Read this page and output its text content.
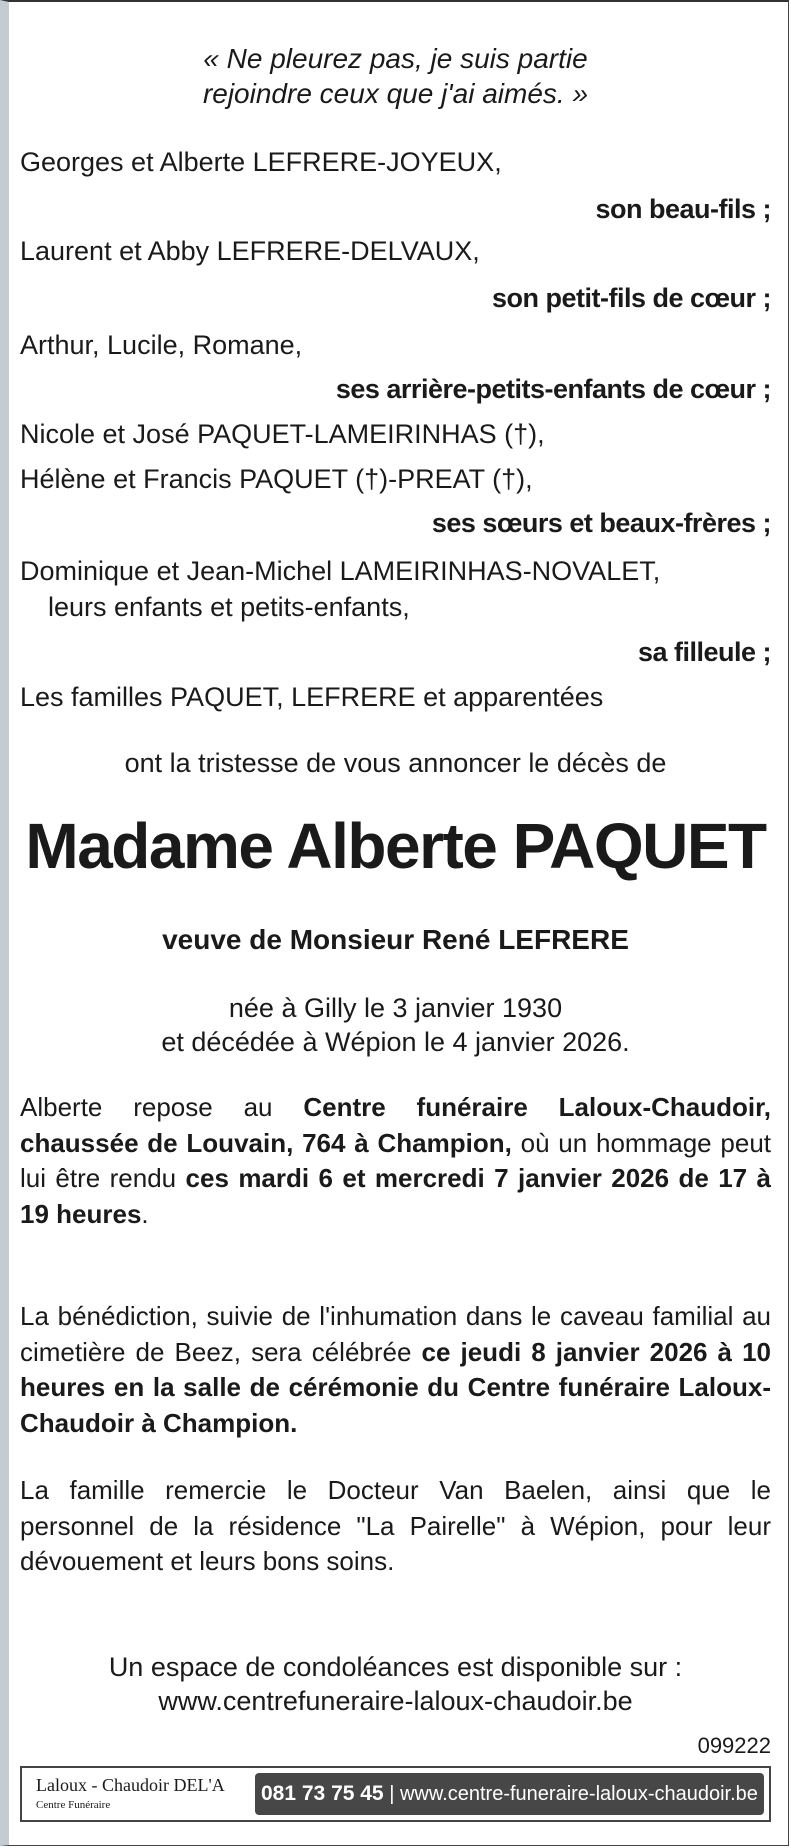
« Ne pleurez pas, je suis partie
rejoindre ceux que j'ai aimés. »
Georges et Alberte LEFRERE-JOYEUX,
son beau-fils ;
Laurent et Abby LEFRERE-DELVAUX,
son petit-fils de cœur ;
Arthur, Lucile, Romane,
ses arrière-petits-enfants de cœur ;
Nicole et José PAQUET-LAMEIRINHAS (†),
Hélène et Francis PAQUET (†)-PREAT (†),
ses sœurs et beaux-frères ;
Dominique et Jean-Michel LAMEIRINHAS-NOVALET,
leurs enfants et petits-enfants,
sa filleule ;
Les familles PAQUET, LEFRERE et apparentées
ont la tristesse de vous annoncer le décès de
Madame Alberte PAQUET
veuve de Monsieur René LEFRERE
née à Gilly le 3 janvier 1930
et décédée à Wépion le 4 janvier 2026.
Alberte repose au Centre funéraire Laloux-Chaudoir, chaussée de Louvain, 764 à Champion, où un hommage peut lui être rendu ces mardi 6 et mercredi 7 janvier 2026 de 17 à 19 heures.
La bénédiction, suivie de l'inhumation dans le caveau familial au cimetière de Beez, sera célébrée ce jeudi 8 janvier 2026 à 10 heures en la salle de cérémonie du Centre funéraire Laloux-Chaudoir à Champion.
La famille remercie le Docteur Van Baelen, ainsi que le personnel de la résidence "La Pairelle" à Wépion, pour leur dévouement et leurs bons soins.
Un espace de condoléances est disponible sur :
www.centrefuneraire-laloux-chaudoir.be
099222
Laloux - Chaudoir DEL'A
Centre Funéraire	081 73 75 45 | www.centre-funeraire-laloux-chaudoir.be
